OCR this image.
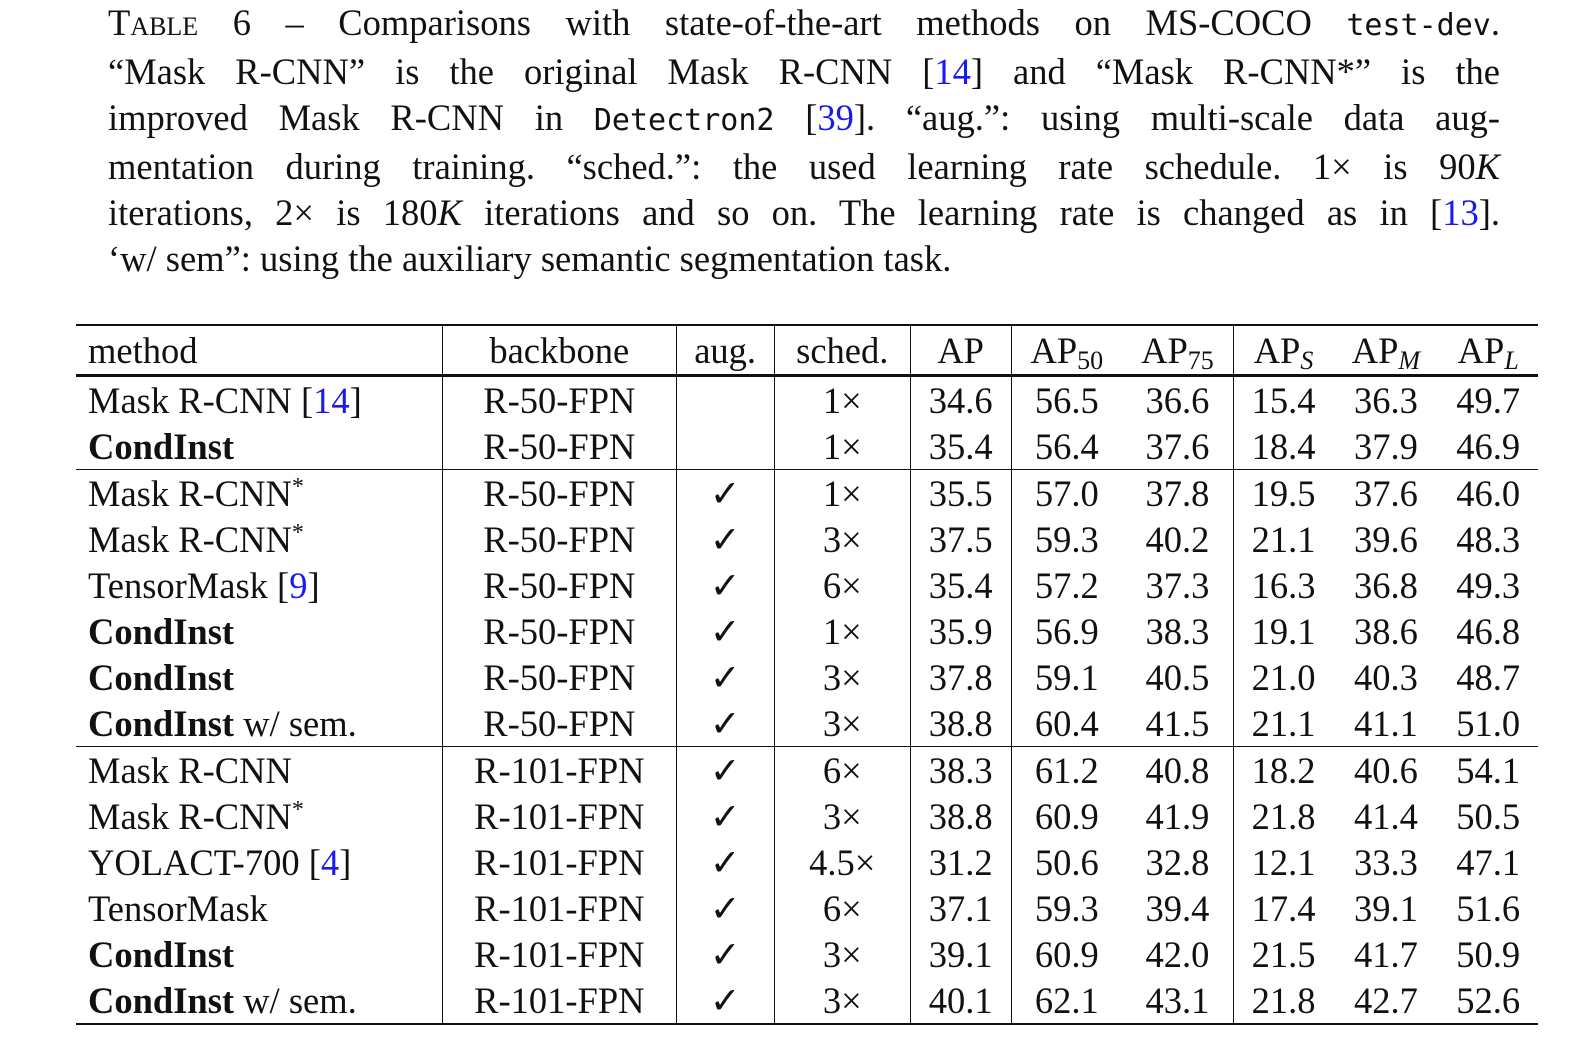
Table 6 – Comparisons with state-of-the-art methods on MS-COCO test-dev.
“Mask R-CNN” is the original Mask R-CNN [14] and “Mask R-CNN*” is the
improved Mask R-CNN in Detectron2 [39]. “aug.”: using multi-scale data aug-
mentation during training. “sched.”: the used learning rate schedule. 1× is 90K
iterations, 2× is 180K iterations and so on. The learning rate is changed as in [13].
‘w/ sem”: using the auxiliary semantic segmentation task.
method	backbone	aug.	sched.	AP	$AP_{50}$	$AP_{75}$	$AP_S$	$AP_M$	$AP_L$
Mask R-CNN [14]	R-50-FPN		1×	34.6	56.5	36.6	15.4	36.3	49.7
CondInst	R-50-FPN		1×	35.4	56.4	37.6	18.4	37.9	46.9
Mask R-CNN*	R-50-FPN	✓	1×	35.5	57.0	37.8	19.5	37.6	46.0
Mask R-CNN*	R-50-FPN	✓	3×	37.5	59.3	40.2	21.1	39.6	48.3
TensorMask [9]	R-50-FPN	✓	6×	35.4	57.2	37.3	16.3	36.8	49.3
CondInst	R-50-FPN	✓	1×	35.9	56.9	38.3	19.1	38.6	46.8
CondInst	R-50-FPN	✓	3×	37.8	59.1	40.5	21.0	40.3	48.7
CondInst w/ sem.	R-50-FPN	✓	3×	38.8	60.4	41.5	21.1	41.1	51.0
Mask R-CNN	R-101-FPN	✓	6×	38.3	61.2	40.8	18.2	40.6	54.1
Mask R-CNN*	R-101-FPN	✓	3×	38.8	60.9	41.9	21.8	41.4	50.5
YOLACT-700 [4]	R-101-FPN	✓	4.5×	31.2	50.6	32.8	12.1	33.3	47.1
TensorMask	R-101-FPN	✓	6×	37.1	59.3	39.4	17.4	39.1	51.6
CondInst	R-101-FPN	✓	3×	39.1	60.9	42.0	21.5	41.7	50.9
CondInst w/ sem.	R-101-FPN	✓	3×	40.1	62.1	43.1	21.8	42.7	52.6
